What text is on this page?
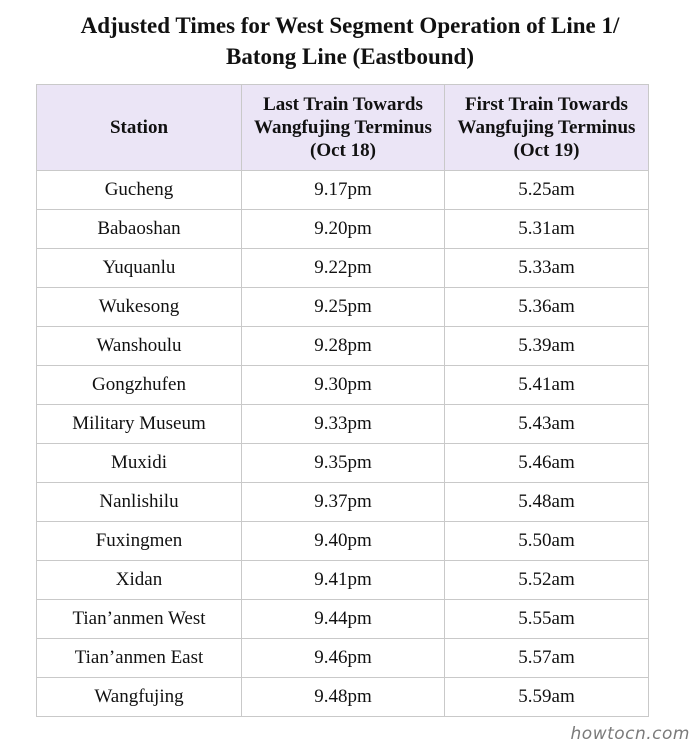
Adjusted Times for West Segment Operation of Line 1/
Batong Line (Eastbound)
Station	Last Train Towards Wangfujing Terminus (Oct 18)	First Train Towards Wangfujing Terminus (Oct 19)
Gucheng	9.17pm	5.25am
Babaoshan	9.20pm	5.31am
Yuquanlu	9.22pm	5.33am
Wukesong	9.25pm	5.36am
Wanshoulu	9.28pm	5.39am
Gongzhufen	9.30pm	5.41am
Military Museum	9.33pm	5.43am
Muxidi	9.35pm	5.46am
Nanlishilu	9.37pm	5.48am
Fuxingmen	9.40pm	5.50am
Xidan	9.41pm	5.52am
Tian’anmen West	9.44pm	5.55am
Tian’anmen East	9.46pm	5.57am
Wangfujing	9.48pm	5.59am
howtocn.com
